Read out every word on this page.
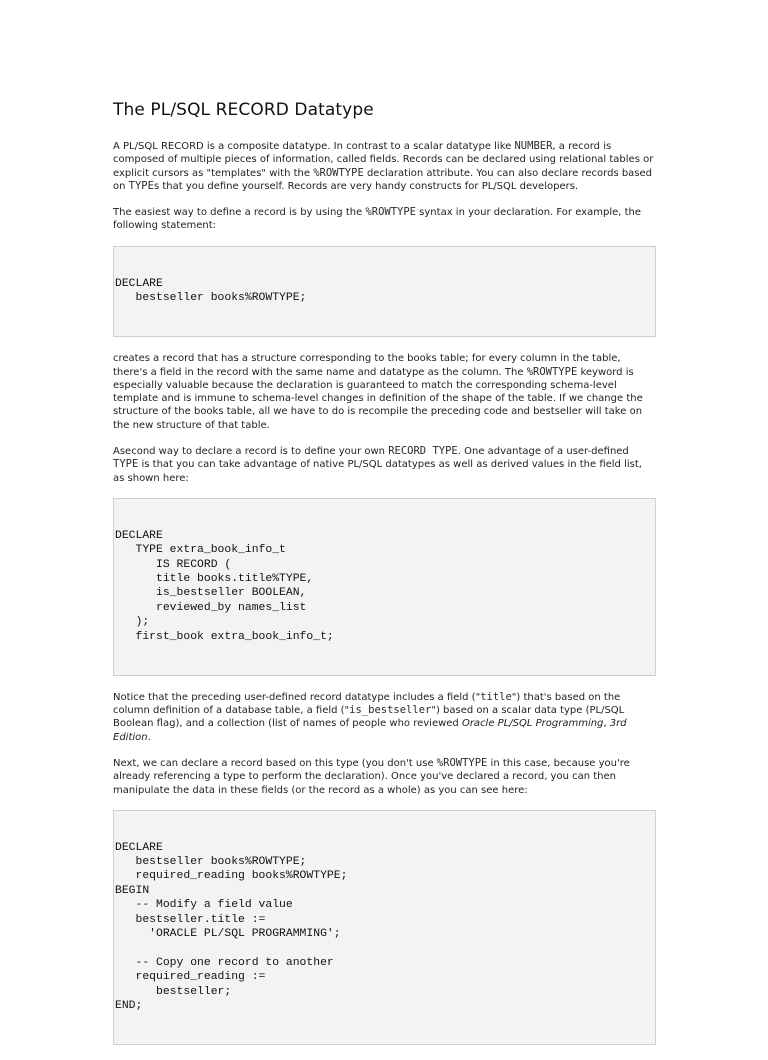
The PL/SQL RECORD Datatype

A PL/SQL RECORD is a composite datatype. In contrast to a scalar datatype like NUMBER, a record is composed of multiple pieces of information, called fields. Records can be declared using relational tables or explicit cursors as "templates" with the %ROWTYPE declaration attribute. You can also declare records based on TYPEs that you define yourself. Records are very handy constructs for PL/SQL developers.

The easiest way to define a record is by using the %ROWTYPE syntax in your declaration. For example, the following statement:

DECLARE
bestseller books%ROWTYPE;

creates a record that has a structure corresponding to the books table; for every column in the table, there's a field in the record with the same name and datatype as the column. The %ROWTYPE keyword is especially valuable because the declaration is guaranteed to match the corresponding schema-level template and is immune to schema-level changes in definition of the shape of the table. If we change the structure of the books table, all we have to do is recompile the preceding code and bestseller will take on the new structure of that table.

Asecond way to declare a record is to define your own RECORD TYPE. One advantage of a user-defined TYPE is that you can take advantage of native PL/SQL datatypes as well as derived values in the field list, as shown here:

DECLARE
TYPE extra_book_info_t
IS RECORD (
title books.title%TYPE,
is_bestseller BOOLEAN,
reviewed_by names_list
);
first_book extra_book_info_t;

Notice that the preceding user-defined record datatype includes a field ("title") that's based on the column definition of a database table, a field ("is_bestseller") based on a scalar data type (PL/SQL Boolean flag), and a collection (list of names of people who reviewed Oracle PL/SQL Programming, 3rd Edition.

Next, we can declare a record based on this type (you don't use %ROWTYPE in this case, because you're already referencing a type to perform the declaration). Once you've declared a record, you can then manipulate the data in these fields (or the record as a whole) as you can see here:

DECLARE
bestseller books%ROWTYPE;
required_reading books%ROWTYPE;
BEGIN
-- Modify a field value
bestseller.title :=
'ORACLE PL/SQL PROGRAMMING';
-- Copy one record to another
required_reading :=
bestseller;
END;
